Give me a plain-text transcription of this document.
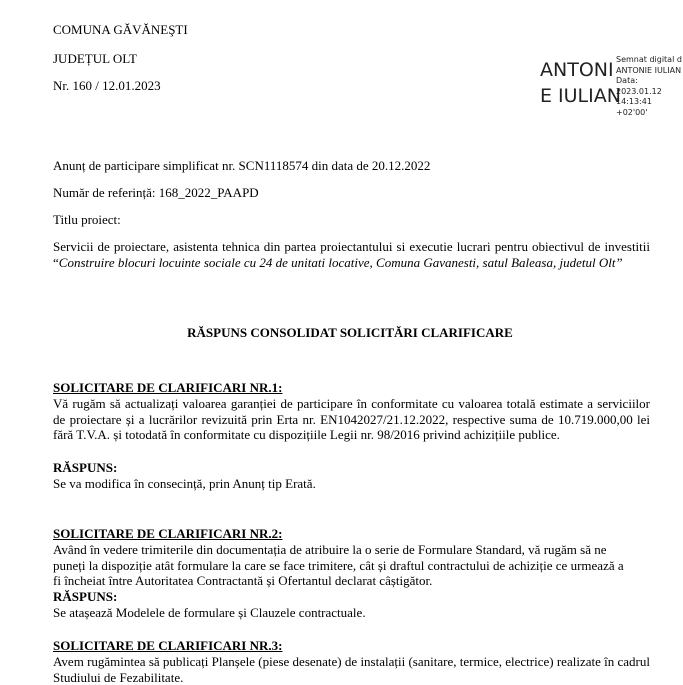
COMUNA GĂVĂNEŞTI
JUDEȚUL OLT
Nr. 160 / 12.01.2023
ANTONI
E IULIAN
Semnat digital d
ANTONIE IULIAN
Data: 2023.01.12
14:13:41 +02'00'
Anunț de participare simplificat nr. SCN1118574 din data de 20.12.2022
Număr de referință: 168_2022_PAAPD
Titlu proiect:
Servicii de proiectare, asistenta tehnica din partea proiectantului si executie lucrari pentru obiectivul de investitii “Construire blocuri locuinte sociale cu 24 de unitati locative, Comuna Gavanesti, satul Baleasa, judetul Olt”
RĂSPUNS CONSOLIDAT SOLICITĂRI CLARIFICARE
SOLICITARE DE CLARIFICARI NR.1:
Vă rugăm să actualizați valoarea garanției de participare în conformitate cu valoarea totală estimate a serviciilor de proiectare și a lucrărilor revizuită prin Erta nr. EN1042027/21.12.2022, respective suma de 10.719.000,00 lei fără T.V.A. și totodată în conformitate cu dispozițiile Legii nr. 98/2016 privind achizițiile publice.
RĂSPUNS:
Se va modifica în consecință, prin Anunț tip Erată.
SOLICITARE DE CLARIFICARI NR.2:
Având în vedere trimiterile din documentația de atribuire la o serie de Formulare Standard, vă rugăm să ne puneți la dispoziție atât formulare la care se face trimitere, cât și draftul contractului de achiziție ce urmează a fi încheiat între Autoritatea Contractantă și Ofertantul declarat câștigător.
RĂSPUNS:
Se atașează Modelele de formulare și Clauzele contractuale.
SOLICITARE DE CLARIFICARI NR.3:
Avem rugămintea să publicați Planșele (piese desenate) de instalații (sanitare, termice, electrice) realizate în cadrul Studiului de Fezabilitate.
